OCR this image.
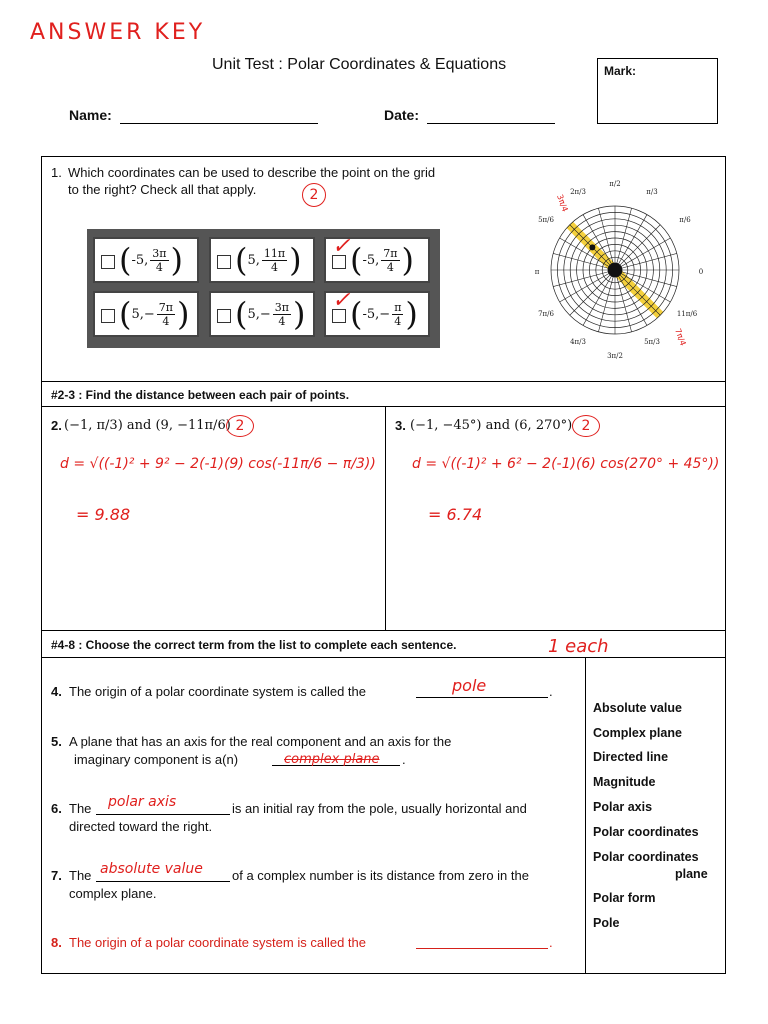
ANSWER KEY
Unit Test : Polar Coordinates & Equations	Mark:
Name:	Date:
1. Which coordinates can be used to describe the point on the grid
to the right? Check all that apply.	2
( -5, $\frac{3\pi}{4}$ ) ( 5, $\frac{11\pi}{4}$ ) ✓ ( -5, $\frac{7\pi}{4}$ )
( $5,- \frac{7\pi}{4}$ ) ( $5,- \frac{3\pi}{4}$ ) ✓ ( $-5,- \frac{\pi}{4}$ )
π/2
2π/3	π/3
5π/6	π/6
π	0
7π/6	11π/6
4π/3
3π/2
5π/3
3π/4
7π/4
#2-3 : Find the distance between each pair of points.
2. (−1, π/3) and (9, −11π/6) 2
d = √((-1)² + 9² − 2(-1)(9) cos(-11π/6 − π/3))
= 9.88
3. (−1, −45°) and (6, 270°) 2
d = √((-1)² + 6² − 2(-1)(6) cos(270° + 45°))
= 6.74
#4-8 : Choose the correct term from the list to complete each sentence.	1 each
4. The origin of a polar coordinate system is called the	.
pole
5. A plane that has an axis for the real component and an axis for the
imaginary component is a(n)	.
complex plane
6. The	is an initial ray from the pole, usually horizontal and
directed toward the right.
polar axis
7. The	of a complex number is its distance from zero in the
complex plane.
absolute value
8. The origin of a polar coordinate system is called the	.
Absolute value
Complex plane
Directed line
Magnitude
Polar axis
Polar coordinates
Polar coordinates
plane
Polar form
Pole
